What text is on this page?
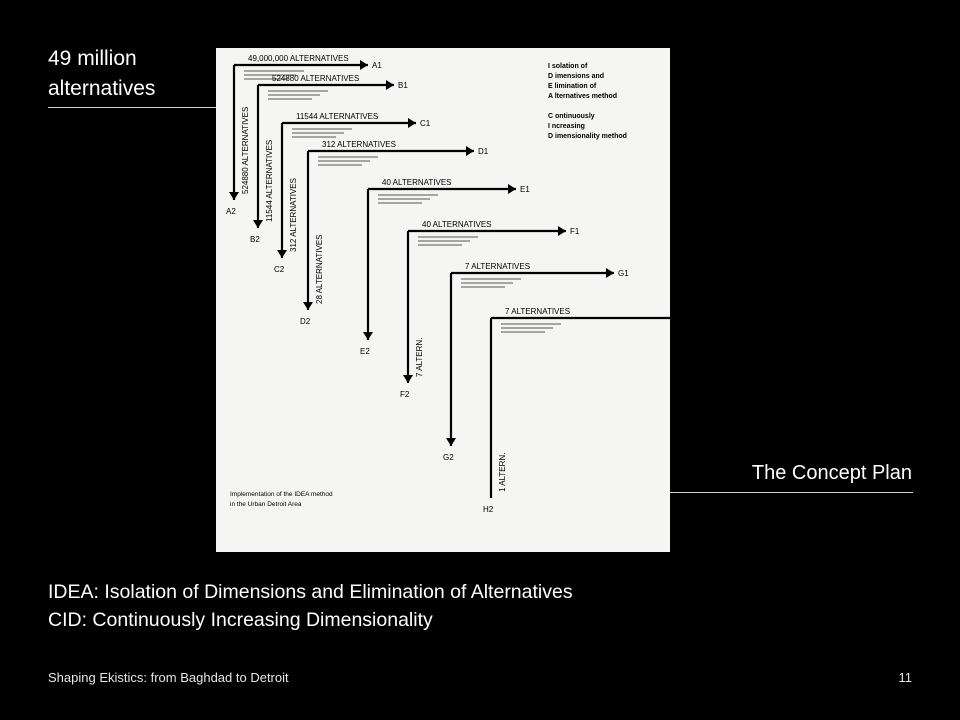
49 million
alternatives
49,000,000 ALTERNATIVES
A1
A2
524880 ALTERNATIVES
524880 ALTERNATIVES
B1
B2
11544 ALTERNATIVES
11544 ALTERNATIVES
C1
C2
312 ALTERNATIVES
312 ALTERNATIVES
D1
D2
28 ALTERNATIVES
40 ALTERNATIVES
E1
E2
40 ALTERNATIVES
F1
F2
7 ALTERN.
7 ALTERNATIVES
G1
G2
7 ALTERNATIVES
H2
1 ALTERN.
I solation of
D imensions and
E limination of
A lternatives method
C ontinuously
I ncreasing
D imensionality method
Implementation of the IDEA method
in the Urban Detroit Area
The Concept Plan
IDEA: Isolation of Dimensions and Elimination of Alternatives
CID: Continuously Increasing Dimensionality
Shaping Ekistics: from Baghdad to Detroit	11
